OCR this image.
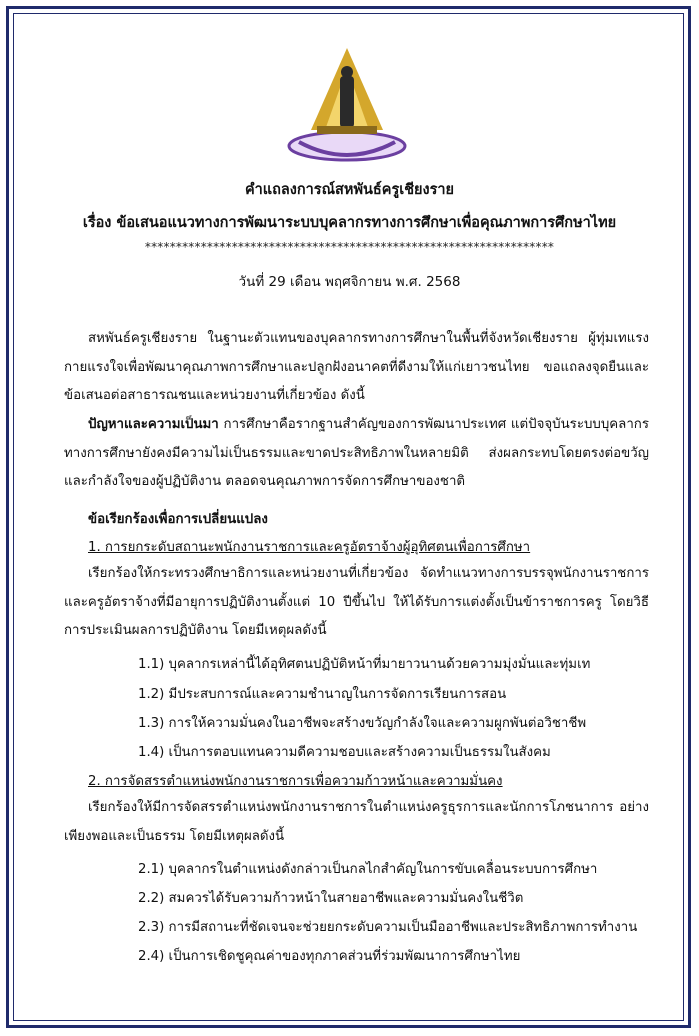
คำแถลงการณ์สหพันธ์ครูเชียงราย
เรื่อง ข้อเสนอแนวทางการพัฒนาระบบบุคลากรทางการศึกษาเพื่อคุณภาพการศึกษาไทย
******************************************************************
วันที่ 29 เดือน พฤศจิกายน พ.ศ. 2568
สหพันธ์ครูเชียงราย ในฐานะตัวแทนของบุคลากรทางการศึกษาในพื้นที่จังหวัดเชียงราย ผู้ทุ่มเทแรงกายแรงใจเพื่อพัฒนาคุณภาพการศึกษาและปลูกฝังอนาคตที่ดีงามให้แก่เยาวชนไทย ขอแถลงจุดยืนและข้อเสนอต่อสาธารณชนและหน่วยงานที่เกี่ยวข้อง ดังนี้
ปัญหาและความเป็นมา การศึกษาคือรากฐานสำคัญของการพัฒนาประเทศ แต่ปัจจุบันระบบบุคลากรทางการศึกษายังคงมีความไม่เป็นธรรมและขาดประสิทธิภาพในหลายมิติ ส่งผลกระทบโดยตรงต่อขวัญและกำลังใจของผู้ปฏิบัติงาน ตลอดจนคุณภาพการจัดการศึกษาของชาติ
ข้อเรียกร้องเพื่อการเปลี่ยนแปลง
1. การยกระดับสถานะพนักงานราชการและครูอัตราจ้างผู้อุทิศตนเพื่อการศึกษา
เรียกร้องให้กระทรวงศึกษาธิการและหน่วยงานที่เกี่ยวข้อง จัดทำแนวทางการบรรจุพนักงานราชการและครูอัตราจ้างที่มีอายุการปฏิบัติงานตั้งแต่ 10 ปีขึ้นไป ให้ได้รับการแต่งตั้งเป็นข้าราชการครู โดยวิธีการประเมินผลการปฏิบัติงาน โดยมีเหตุผลดังนี้
1.1) บุคลากรเหล่านี้ได้อุทิศตนปฏิบัติหน้าที่มายาวนานด้วยความมุ่งมั่นและทุ่มเท
1.2) มีประสบการณ์และความชำนาญในการจัดการเรียนการสอน
1.3) การให้ความมั่นคงในอาชีพจะสร้างขวัญกำลังใจและความผูกพันต่อวิชาชีพ
1.4) เป็นการตอบแทนความดีความชอบและสร้างความเป็นธรรมในสังคม
2. การจัดสรรตำแหน่งพนักงานราชการเพื่อความก้าวหน้าและความมั่นคง
เรียกร้องให้มีการจัดสรรตำแหน่งพนักงานราชการในตำแหน่งครูธุรการและนักการโภชนาการ อย่างเพียงพอและเป็นธรรม โดยมีเหตุผลดังนี้
2.1) บุคลากรในตำแหน่งดังกล่าวเป็นกลไกสำคัญในการขับเคลื่อนระบบการศึกษา
2.2) สมควรได้รับความก้าวหน้าในสายอาชีพและความมั่นคงในชีวิต
2.3) การมีสถานะที่ชัดเจนจะช่วยยกระดับความเป็นมืออาชีพและประสิทธิภาพการทำงาน
2.4) เป็นการเชิดชูคุณค่าของทุกภาคส่วนที่ร่วมพัฒนาการศึกษาไทย
